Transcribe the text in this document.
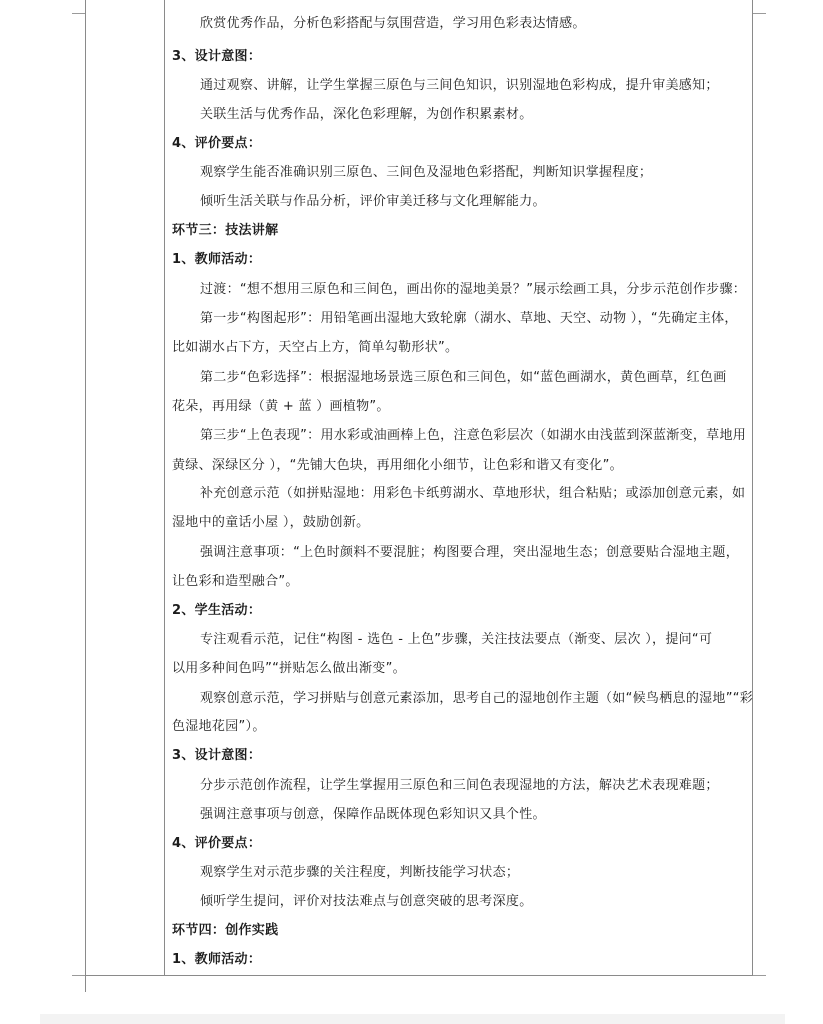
欣赏优秀作品，分析色彩搭配与氛围营造，学习用色彩表达情感。
3、设计意图：
通过观察、讲解，让学生掌握三原色与三间色知识，识别湿地色彩构成，提升审美感知；
关联生活与优秀作品，深化色彩理解，为创作积累素材。
4、评价要点：
观察学生能否准确识别三原色、三间色及湿地色彩搭配，判断知识掌握程度；
倾听生活关联与作品分析，评价审美迁移与文化理解能力。
环节三：技法讲解
1、教师活动：
过渡：“想不想用三原色和三间色，画出你的湿地美景？”展示绘画工具，分步示范创作步骤：
第一步“构图起形”：用铅笔画出湿地大致轮廓（湖水、草地、天空、动物 ），“先确定主体，
比如湖水占下方，天空占上方，简单勾勒形状”。
第二步“色彩选择”：根据湿地场景选三原色和三间色，如“蓝色画湖水，黄色画草，红色画
花朵，再用绿（黄 + 蓝 ）画植物”。
第三步“上色表现”：用水彩或油画棒上色，注意色彩层次（如湖水由浅蓝到深蓝渐变，草地用
黄绿、深绿区分 ），“先铺大色块，再用细化小细节，让色彩和谐又有变化”。
补充创意示范（如拼贴湿地：用彩色卡纸剪湖水、草地形状，组合粘贴；或添加创意元素，如
湿地中的童话小屋 ），鼓励创新。
强调注意事项：“上色时颜料不要混脏；构图要合理，突出湿地生态；创意要贴合湿地主题，
让色彩和造型融合”。
2、学生活动：
专注观看示范，记住“构图 - 选色 - 上色”步骤，关注技法要点（渐变、层次 ），提问“可
以用多种间色吗”“拼贴怎么做出渐变”。
观察创意示范，学习拼贴与创意元素添加，思考自己的湿地创作主题（如“候鸟栖息的湿地”“彩
色湿地花园”）。
3、设计意图：
分步示范创作流程，让学生掌握用三原色和三间色表现湿地的方法，解决艺术表现难题；
强调注意事项与创意，保障作品既体现色彩知识又具个性。
4、评价要点：
观察学生对示范步骤的关注程度，判断技能学习状态；
倾听学生提问，评价对技法难点与创意突破的思考深度。
环节四：创作实践
1、教师活动：
